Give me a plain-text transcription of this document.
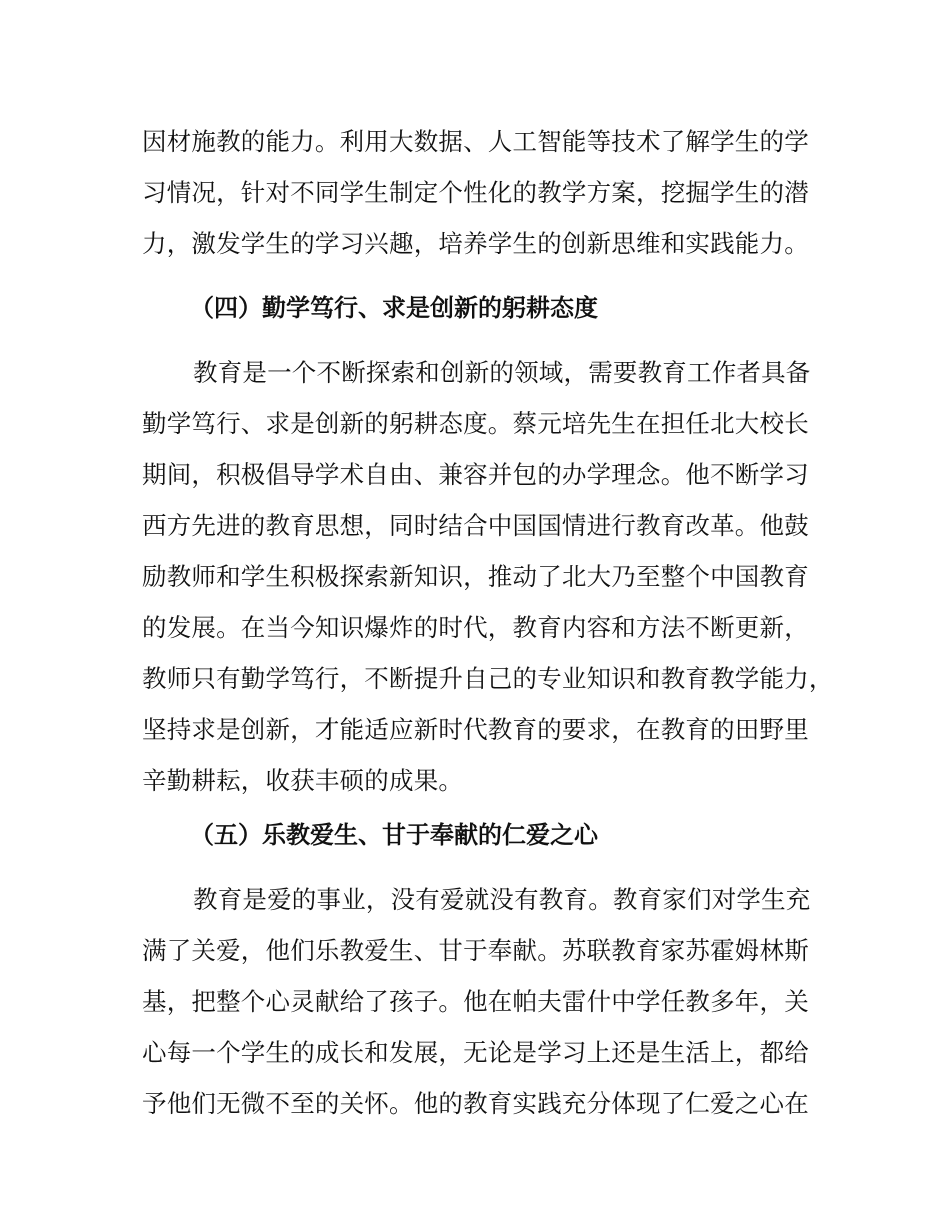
因材施教的能力。利用大数据、人工智能等技术了解学生的学
习情况，针对不同学生制定个性化的教学方案，挖掘学生的潜
力，激发学生的学习兴趣，培养学生的创新思维和实践能力。
（四）勤学笃行、求是创新的躬耕态度
教育是一个不断探索和创新的领域，需要教育工作者具备
勤学笃行、求是创新的躬耕态度。蔡元培先生在担任北大校长
期间，积极倡导学术自由、兼容并包的办学理念。他不断学习
西方先进的教育思想，同时结合中国国情进行教育改革。他鼓
励教师和学生积极探索新知识，推动了北大乃至整个中国教育
的发展。在当今知识爆炸的时代，教育内容和方法不断更新，
教师只有勤学笃行，不断提升自己的专业知识和教育教学能力，
坚持求是创新，才能适应新时代教育的要求，在教育的田野里
辛勤耕耘，收获丰硕的成果。
（五）乐教爱生、甘于奉献的仁爱之心
教育是爱的事业，没有爱就没有教育。教育家们对学生充
满了关爱，他们乐教爱生、甘于奉献。苏联教育家苏霍姆林斯
基，把整个心灵献给了孩子。他在帕夫雷什中学任教多年，关
心每一个学生的成长和发展，无论是学习上还是生活上，都给
予他们无微不至的关怀。他的教育实践充分体现了仁爱之心在
